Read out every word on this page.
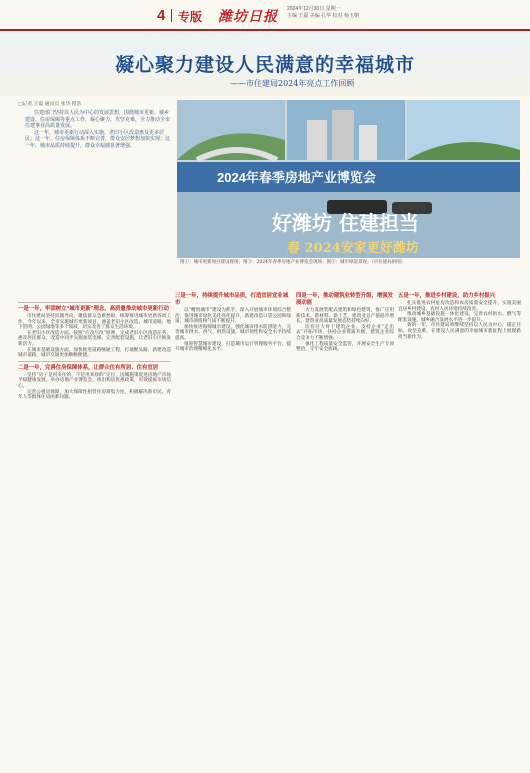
4 专版 潍坊日报 2024年12月30日 星期一
主编 王磊 美编 孔华 校对 杨玉朝
凝心聚力建设人民满意的幸福城市
——市住建局2024年亮点工作回顾
□记者 王磊 通讯员 张华 程浩

住建部门坚持以人民为中心的发展思想，围绕城市更新、城乡建设、住房保障等重点工作，凝心聚力、攻坚克难，全力推动全市住建事业高质量发展。

这一年，城市更新行动深入实施，老旧小区改造惠及更多居民；这一年，住房保障体系不断完善，群众安居梦想加快实现；这一年，城市品质持续提升，群众幸福感显著增强。

2024年春季房地产业博览会
好潍坊 住建担当
春 2024安家更好潍坊
图①：城市更新项目建设现场；图②：2024年春季房地产业博览会现场；图③：城市绿道景观。（市住建局供图）
一是一年，牢固树立“城市更新”理念，高质量推动城市更新行动

市住建局坚持问题导向，聚焦群众急难愁盼，统筹推进城市更新各项工作。今年以来，全市实施城市更新项目，涵盖老旧小区改造、城市道路、地下管网、公园绿地等多个领域，切实改善了群众生活环境。

在老旧小区改造方面，按照“应改尽改”原则，完成老旧小区改造任务，惠及居民群众，改造中同步实施加装电梯、完善配套设施，让老旧小区焕发新活力。

在城市基础设施方面，加快推进道路畅通工程，打通断头路，新建改造城市道路，城市交通更加顺畅便捷。

二是一年，完善住房保障体系，让群众住有所居、住有宜居

坚持“房子是用来住的、不是用来炒的”定位，因城施策促进房地产市场平稳健康发展。举办房地产业博览会，推出购房优惠政策，有效提振市场信心。

完善公租房保障，加大保障性租赁住房筹集力度，积极解决新市民、青年人等群体住房困难问题。

三是一年，持续提升城市品质，打造宜居宜业城市

以“精致城市”建设为抓手，深入开展城市环境综合整治，推进城市绿化美化亮化提升，新建改造口袋公园和绿道，城市颜值和气质不断提升。

加快推进海绵城市建设，强化城市排水防涝能力，完善城市供水、供气、供热设施，城市韧性和安全水平持续提高。

推进智慧城市建设，打造城市运行管理服务平台，提升城市治理精细化水平。

四是一年，推动建筑业转型升级，增强发展动能

大力发展装配式建筑和绿色建筑，推广应用新技术、新材料、新工艺，建筑业总产值稳步增长，建筑业高质量发展态势持续向好。

培育壮大骨干建筑企业，支持企业“走出去”开拓市场，扶持企业资质升级，建筑企业综合竞争力不断增强。

强化工程质量安全监管，开展安全生产专项整治，守牢安全底线。

五是一年，推进乡村建设，助力乡村振兴

扎实推进农村危房改造和农房质量安全提升，实施美丽宜居乡村建设，农村人居环境持续改善。

推动城乡基础设施一体化建设，完善农村供水、燃气等配套设施，城乡融合发展水平进一步提升。

新的一年，市住建局将继续坚持以人民为中心，锚定目标、攻坚克难，在建设人民满意的幸福城市新征程上展现新担当新作为。
